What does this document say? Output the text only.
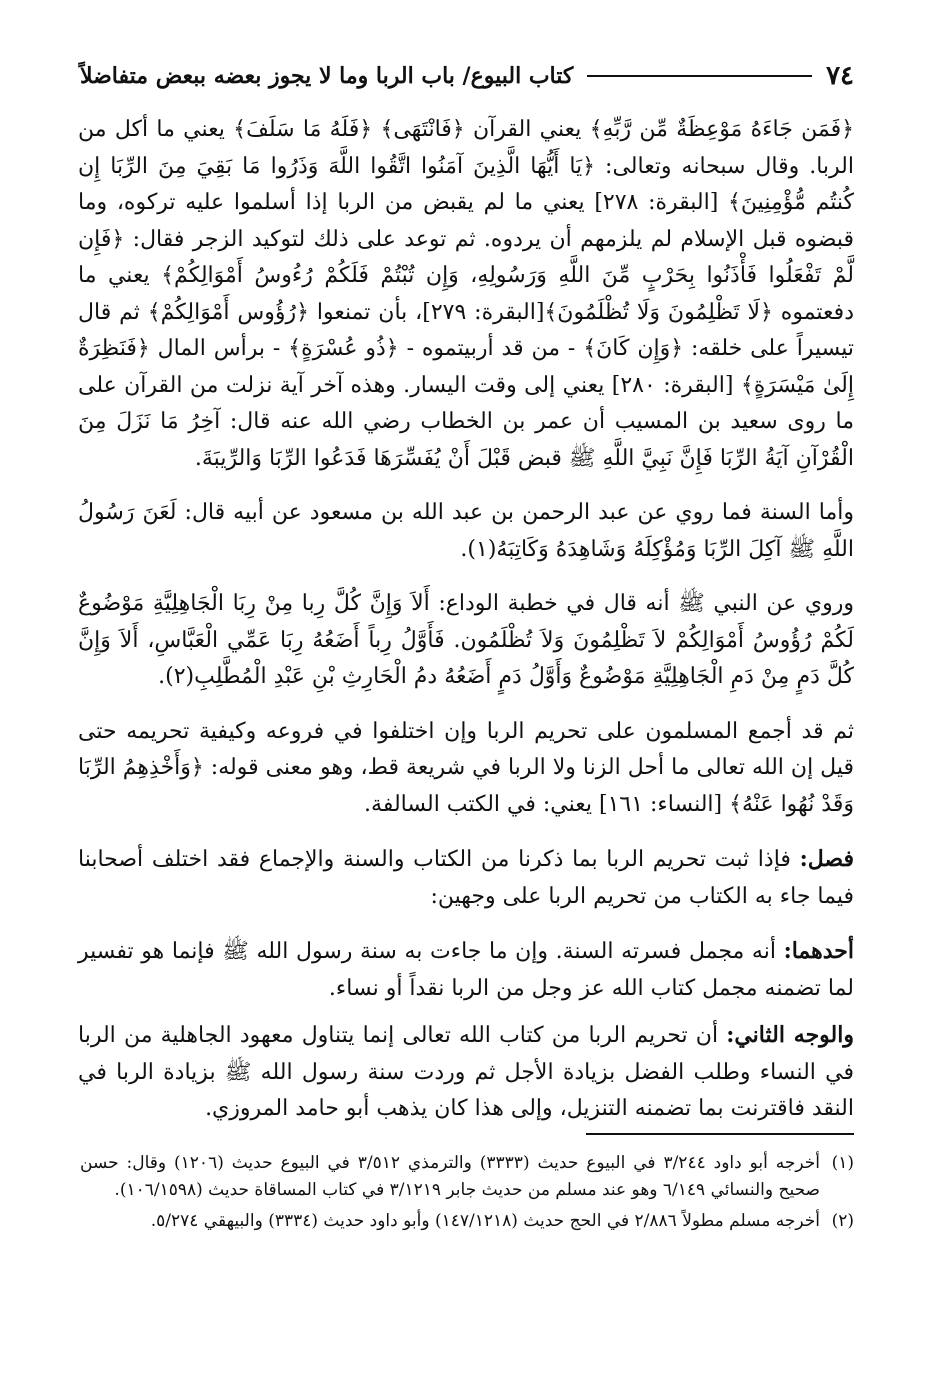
٧٤
كتاب البيوع/ باب الربا وما لا يجوز بعضه ببعض متفاضلاً

﴿فَمَن جَاءَهُ مَوْعِظَةٌ مِّن رَّبِّهِ﴾ يعني القرآن ﴿فَانْتَهَى﴾ ﴿فَلَهُ مَا سَلَفَ﴾ يعني ما أكل من الربا. وقال سبحانه وتعالى: ﴿يَا أَيُّهَا الَّذِينَ آمَنُوا اتَّقُوا اللَّهَ وَذَرُوا مَا بَقِيَ مِنَ الرِّبَا إِن كُنتُم مُّؤْمِنِينَ﴾ [البقرة: ٢٧٨] يعني ما لم يقبض من الربا إذا أسلموا عليه تركوه، وما قبضوه قبل الإسلام لم يلزمهم أن يردوه. ثم توعد على ذلك لتوكيد الزجر فقال: ﴿فَإِن لَّمْ تَفْعَلُوا فَأْذَنُوا بِحَرْبٍ مِّنَ اللَّهِ وَرَسُولِهِ، وَإِن تُبْتُمْ فَلَكُمْ رُءُوسُ أَمْوَالِكُمْ﴾ يعني ما دفعتموه ﴿لَا تَظْلِمُونَ وَلَا تُظْلَمُونَ﴾[البقرة: ٢٧٩]، بأن تمنعوا ﴿رُؤُوس أَمْوَالِكُمْ﴾ ثم قال تيسيراً على خلقه: ﴿وَإِن كَانَ﴾ - من قد أربيتموه - ﴿ذُو عُسْرَةٍ﴾ - برأس المال ﴿فَنَظِرَةٌ إِلَىٰ مَيْسَرَةٍ﴾ [البقرة: ٢٨٠] يعني إلى وقت اليسار. وهذه آخر آية نزلت من القرآن على ما روى سعيد بن المسيب أن عمر بن الخطاب رضي الله عنه قال: آخِرُ مَا نَزَلَ مِنَ الْقُرْآنِ آيَةُ الرِّبَا فَإِنَّ نَبِيَّ اللَّهِ ﷺ قبض قَبْلَ أَنْ يُفَسِّرَهَا فَدَعُوا الرِّبَا وَالرِّيبَةَ.

وأما السنة فما روي عن عبد الرحمن بن عبد الله بن مسعود عن أبيه قال: لَعَنَ رَسُولُ اللَّهِ ﷺ آكِلَ الرِّبَا وَمُؤْكِلَهُ وَشَاهِدَهُ وَكَاتِبَهُ(١).

وروي عن النبي ﷺ أنه قال في خطبة الوداع: أَلاَ وَإِنَّ كُلَّ رِبا مِنْ رِبَا الْجَاهِلِيَّةِ مَوْضُوعٌ لَكُمْ رُؤُوسُ أَمْوَالِكُمْ لاَ تَظْلِمُونَ وَلاَ تُظْلَمُون. فَأَوَّلُ رِباً أَضَعُهُ رِبَا عَمِّي الْعَبَّاسِ، أَلاَ وَإِنَّ كُلَّ دَمٍ مِنْ دَمِ الْجَاهِلِيَّةِ مَوْضُوعٌ وَأَوَّلُ دَمٍ أَضَعُهُ دمُ الْحَارِثِ بْنِ عَبْدِ الْمُطَّلِبِ(٢).

ثم قد أجمع المسلمون على تحريم الربا وإن اختلفوا في فروعه وكيفية تحريمه حتى قيل إن الله تعالى ما أحل الزنا ولا الربا في شريعة قط، وهو معنى قوله: ﴿وَأَخْذِهِمُ الرِّبَا وَقَدْ نُهُوا عَنْهُ﴾ [النساء: ١٦١] يعني: في الكتب السالفة.

فصل: فإذا ثبت تحريم الربا بما ذكرنا من الكتاب والسنة والإجماع فقد اختلف أصحابنا فيما جاء به الكتاب من تحريم الربا على وجهين:

أحدهما: أنه مجمل فسرته السنة. وإن ما جاءت به سنة رسول الله ﷺ فإنما هو تفسير لما تضمنه مجمل كتاب الله عز وجل من الربا نقداً أو نساء.

والوجه الثاني: أن تحريم الربا من كتاب الله تعالى إنما يتناول معهود الجاهلية من الربا في النساء وطلب الفضل بزيادة الأجل ثم وردت سنة رسول الله ﷺ بزيادة الربا في النقد فاقترنت بما تضمنه التنزيل، وإلى هذا كان يذهب أبو حامد المروزي.

(١)
أخرجه أبو داود ٣/٢٤٤ في البيوع حديث (٣٣٣٣) والترمذي ٣/٥١٢ في البيوع حديث (١٢٠٦) وقال: حسن صحيح والنسائي ٦/١٤٩ وهو عند مسلم من حديث جابر ٣/١٢١٩ في كتاب المساقاة حديث (١٠٦/١٥٩٨).
(٢)
أخرجه مسلم مطولاً ٢/٨٨٦ في الحج حديث (١٤٧/١٢١٨) وأبو داود حديث (٣٣٣٤) والبيهقي ٥/٢٧٤.
